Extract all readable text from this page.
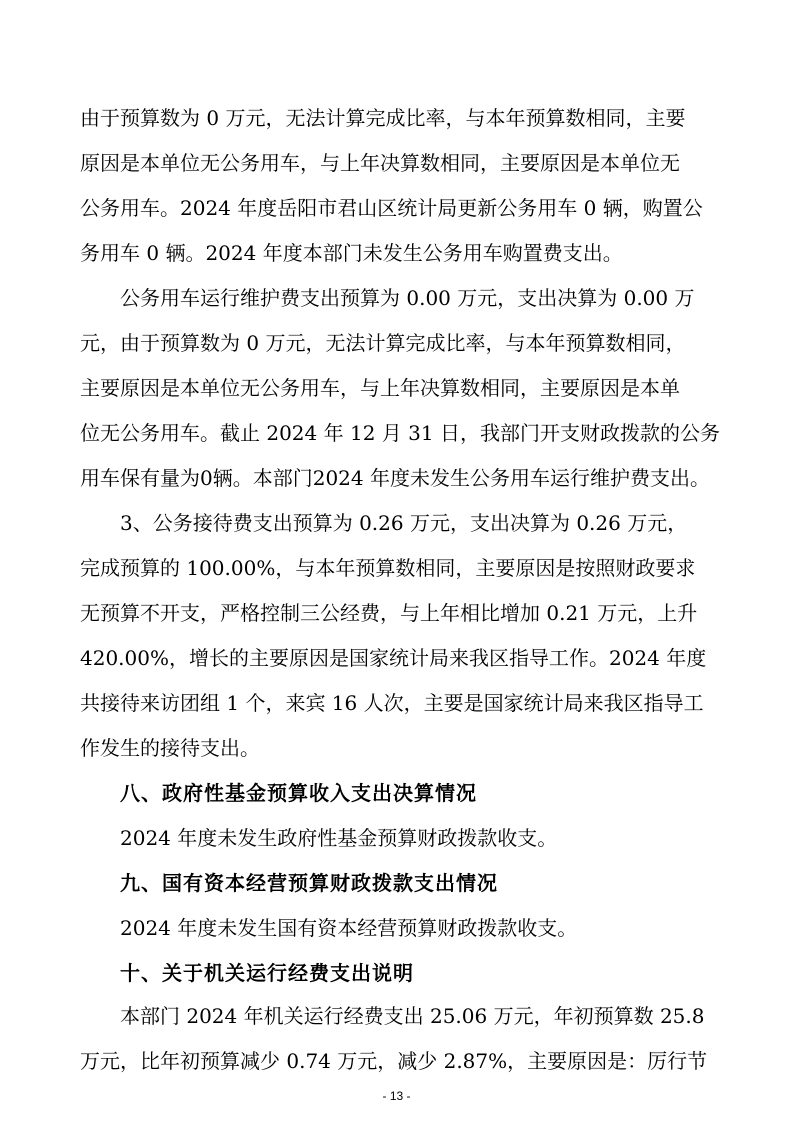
由于预算数为 0 万元，无法计算完成比率，与本年预算数相同，主要
原因是本单位无公务用车，与上年决算数相同，主要原因是本单位无
公务用车。2024 年度岳阳市君山区统计局更新公务用车 0 辆，购置公
务用车 0 辆。2024 年度本部门未发生公务用车购置费支出。
公务用车运行维护费支出预算为 0.00 万元，支出决算为 0.00 万
元，由于预算数为 0 万元，无法计算完成比率，与本年预算数相同，
主要原因是本单位无公务用车，与上年决算数相同，主要原因是本单
位无公务用车。截止 2024 年 12 月 31 日，我部门开支财政拨款的公务
用车保有量为0辆。本部门2024 年度未发生公务用车运行维护费支出。
3、公务接待费支出预算为 0.26 万元，支出决算为 0.26 万元，
完成预算的 100.00%，与本年预算数相同，主要原因是按照财政要求
无预算不开支，严格控制三公经费，与上年相比增加 0.21 万元，上升
420.00%，增长的主要原因是国家统计局来我区指导工作。2024 年度
共接待来访团组 1 个，来宾 16 人次，主要是国家统计局来我区指导工
作发生的接待支出。
八、政府性基金预算收入支出决算情况
2024 年度未发生政府性基金预算财政拨款收支。
九、国有资本经营预算财政拨款支出情况
2024 年度未发生国有资本经营预算财政拨款收支。
十、关于机关运行经费支出说明
本部门 2024 年机关运行经费支出 25.06 万元，年初预算数 25.8
- 13 -
万元，比年初预算减少 0.74 万元，减少 2.87%，主要原因是：厉行节
